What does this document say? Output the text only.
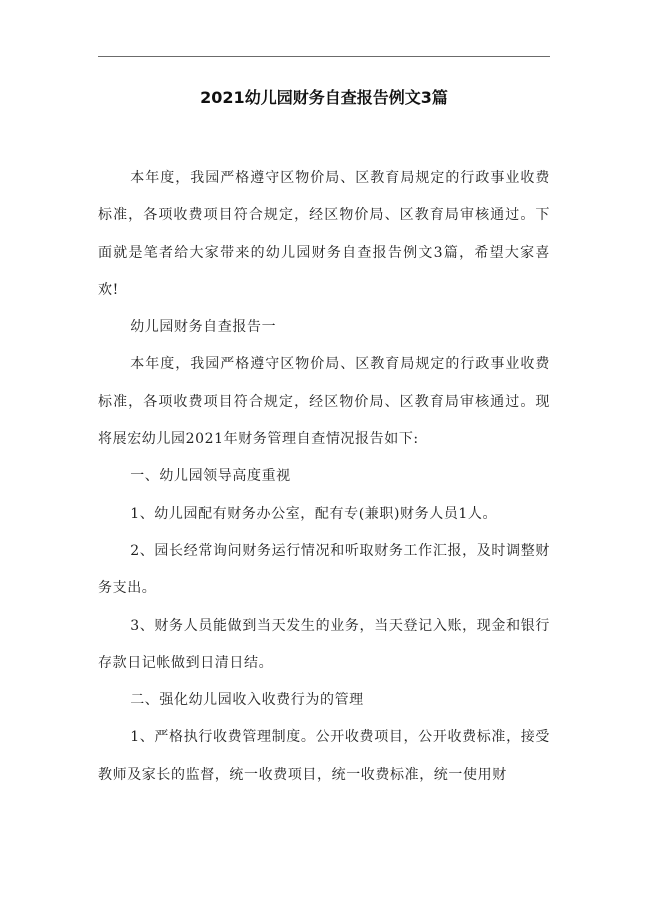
2021幼儿园财务自查报告例文3篇

本年度，我园严格遵守区物价局、区教育局规定的行政事业收费标准，各项收费项目符合规定，经区物价局、区教育局审核通过。下面就是笔者给大家带来的幼儿园财务自查报告例文3篇，希望大家喜欢!

幼儿园财务自查报告一

本年度，我园严格遵守区物价局、区教育局规定的行政事业收费标准，各项收费项目符合规定，经区物价局、区教育局审核通过。现将展宏幼儿园2021年财务管理自查情况报告如下:

一、幼儿园领导高度重视

1、幼儿园配有财务办公室，配有专(兼职)财务人员1人。

2、园长经常询问财务运行情况和听取财务工作汇报，及时调整财务支出。

3、财务人员能做到当天发生的业务，当天登记入账，现金和银行存款日记帐做到日清日结。

二、强化幼儿园收入收费行为的管理

1、严格执行收费管理制度。公开收费项目，公开收费标准，接受教师及家长的监督，统一收费项目，统一收费标准，统一使用财
